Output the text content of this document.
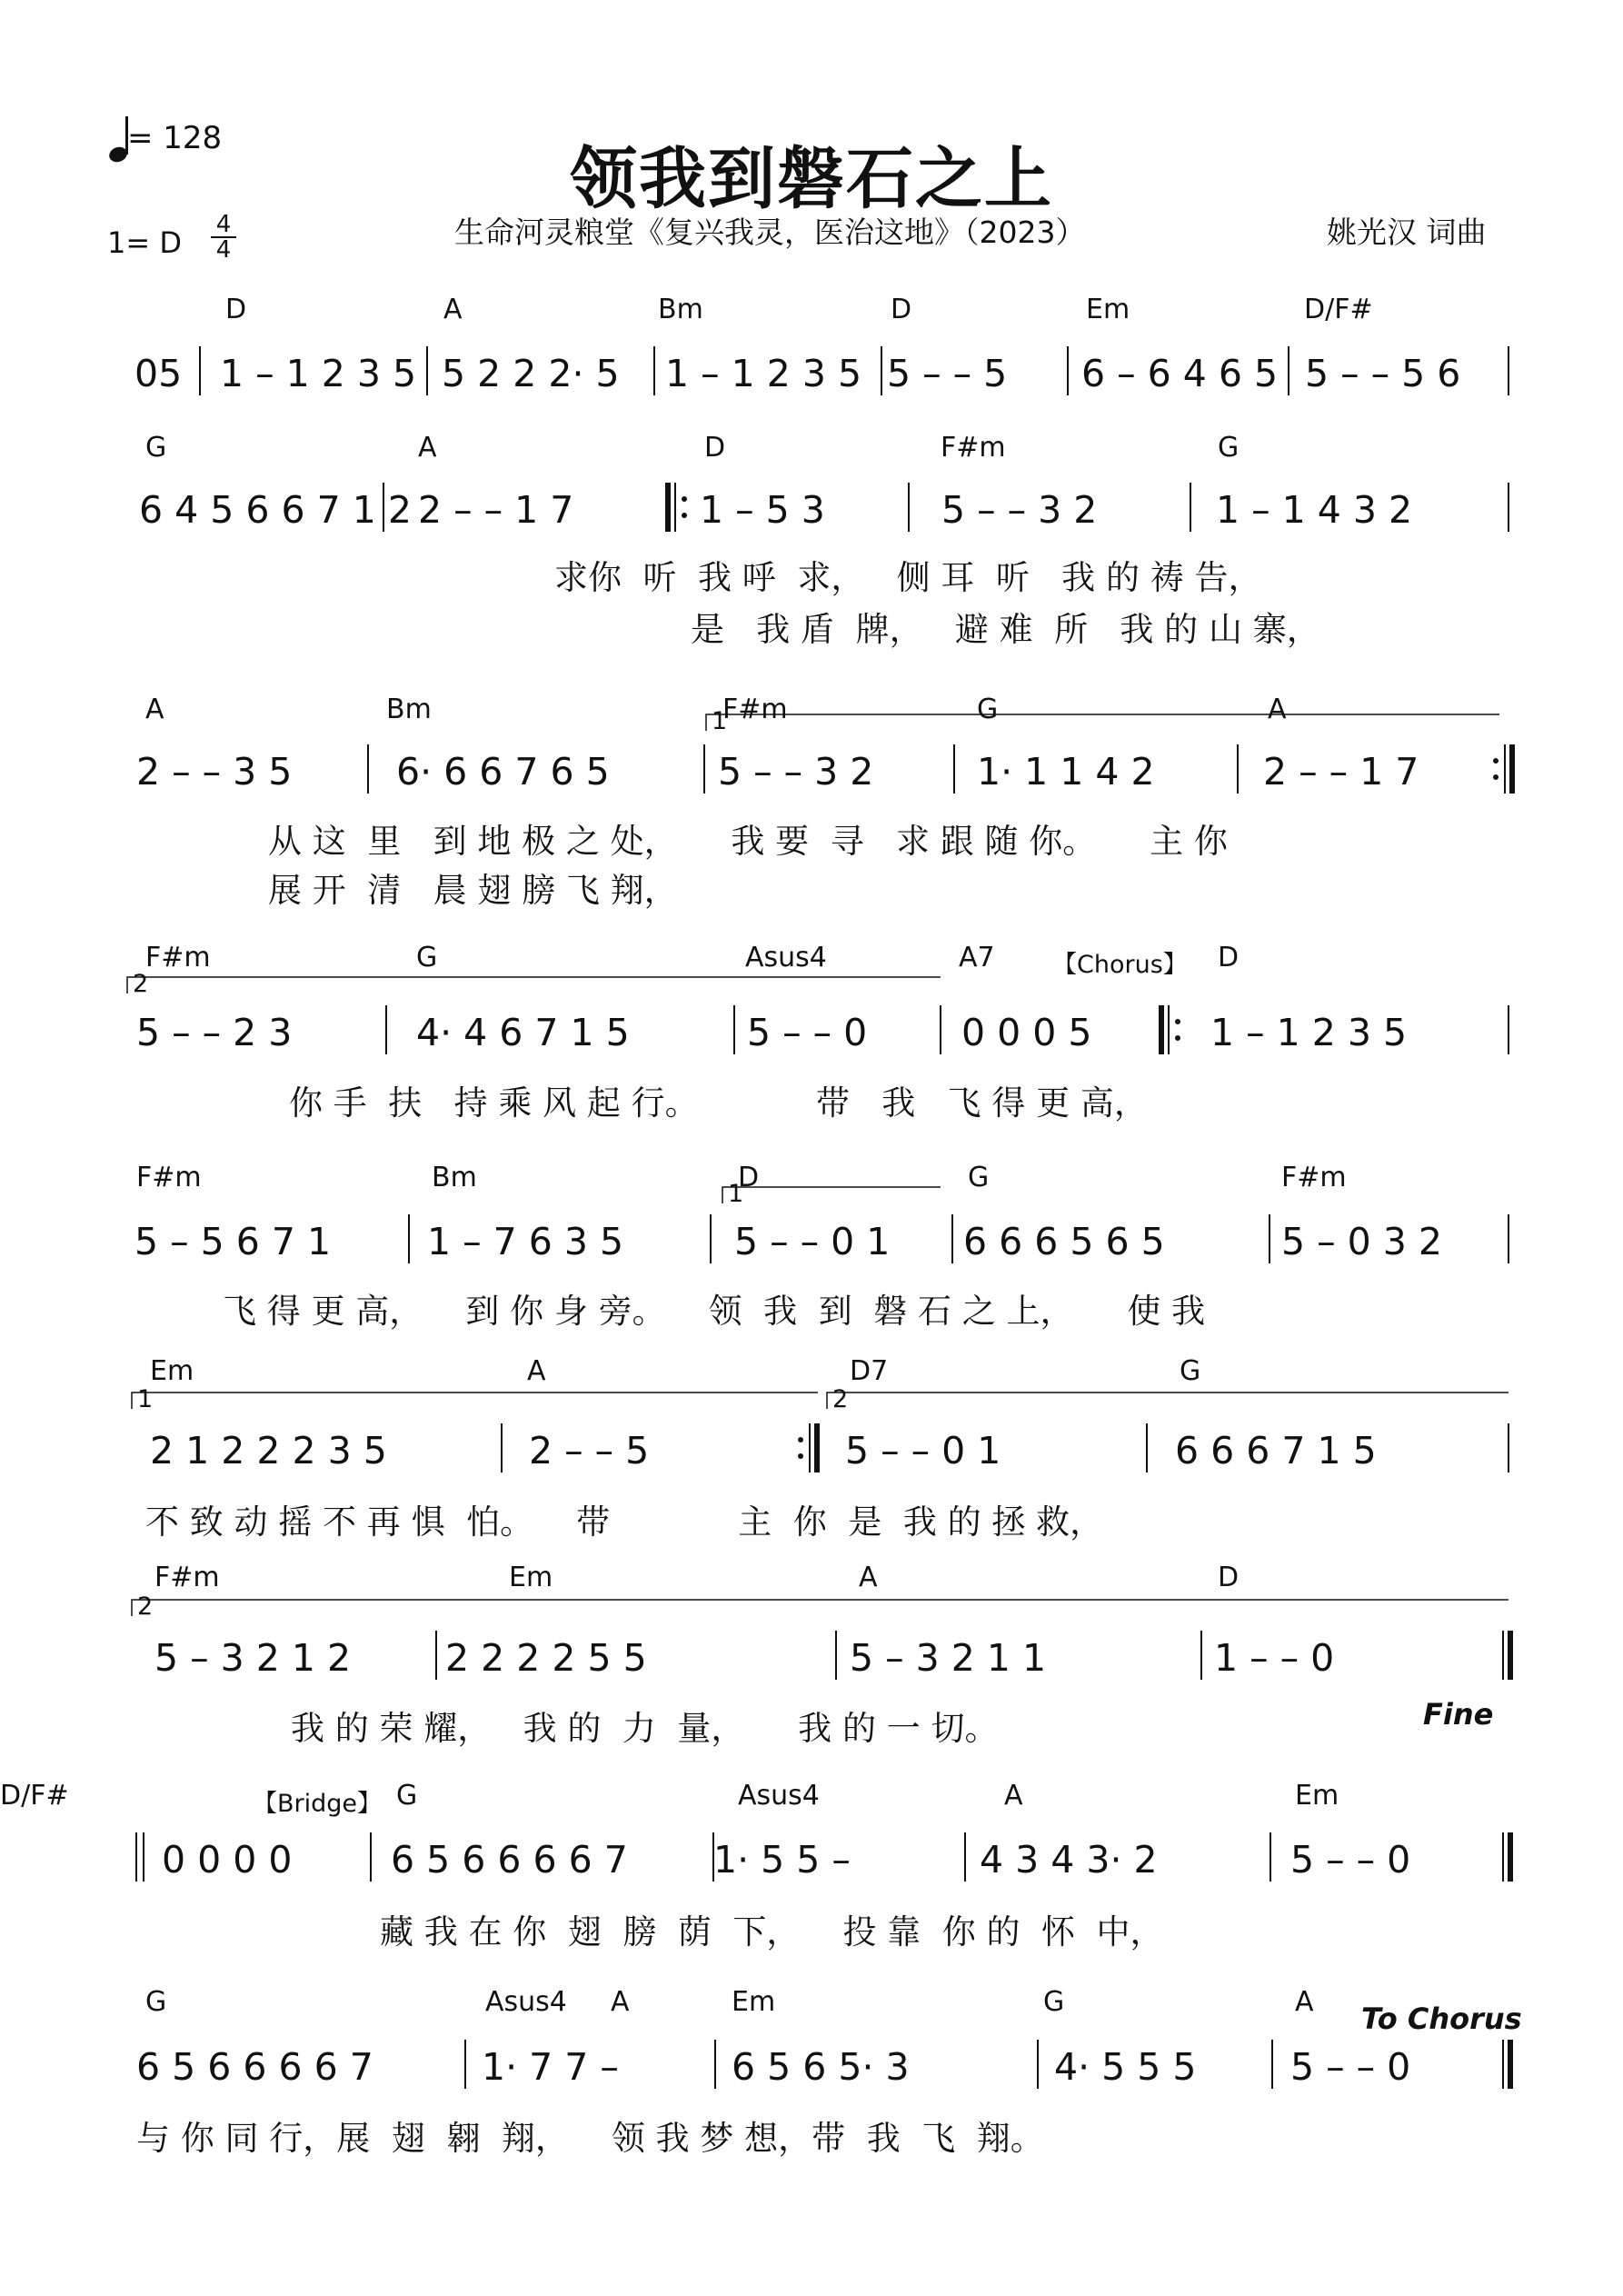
领我到磐石之上
= 128
1= D
4
4	生命河灵粮堂《复兴我灵，医治这地》（2023）	姚光汉 词曲
D	A	Bm	D	Em	D/F#
05 1 – 1 2 3 5 5 2 2 2· 5 1 – 1 2 3 5 5 – – 5 6 – 6 4 6 5 5 – – 5 6
G	A	D	F#m	G
6 4 5 6 6 7 1 2 2 – – 1 7	1 – 5 3	5 – – 3 2	1 – 1 4 3 2
求你  听  我 呼  求，   侧 耳  听   我 的 祷 告，
是   我 盾  牌，   避 难  所   我 的 山 寨，
A	Bm	F#m	G	A
2 – – 3 5	6· 6 6 7 6 5	5 – – 3 2	1· 1 1 4 2	2 – – 1 7
从 这  里   到 地 极 之 处，     我 要  寻   求 跟 随 你。     主 你
展 开  清   晨 翅 膀 飞 翔，
F#m	G	Asus4	A7	D
5 – – 2 3	4· 4 6 7 1 5	5 – – 0	0 0 0 5	1 – 1 2 3 5
你 手  扶   持 乘 风 起 行。           带   我   飞 得 更 高，
F#m	Bm	D	G	F#m
5 – 5 6 7 1	1 – 7 6 3 5	5 – – 0 1 6 6 6 5 6 5	5 – 0 3 2
飞 得 更 高，    到 你 身 旁。    领  我  到  磐 石 之 上，     使 我
Em	A	D7	G
2 1 2 2 2 3 5	2 – – 5	5 – – 0 1	6 6 6 7 1 5
不 致 动 摇 不 再 惧  怕。    带            主  你  是  我 的 拯 救，
F#m	Em	A	D
5 – 3 2 1 2	2 2 2 2 5 5	5 – 3 2 1 1	1 – – 0
我 的 荣 耀，   我 的  力  量，     我 的 一 切。
G	Asus4	A	Em
D/F#
0 0 0 0	6 5 6 6 6 6 7 1· 5 5 –	4 3 4 3· 2	5 – – 0
藏 我 在 你  翅  膀  荫  下，    投 靠  你 的  怀  中，
G	Asus4 A	Em	G	A
6 5 6 6 6 6 7	1· 7 7 –	6 5 6 5· 3	4· 5 5 5	5 – – 0
与 你 同 行，展  翅  翱  翔，    领 我 梦 想，带  我  飞  翔。
1
2
1
1	2
2
【Chorus】
【Bridge】
Fine
To Chorus
